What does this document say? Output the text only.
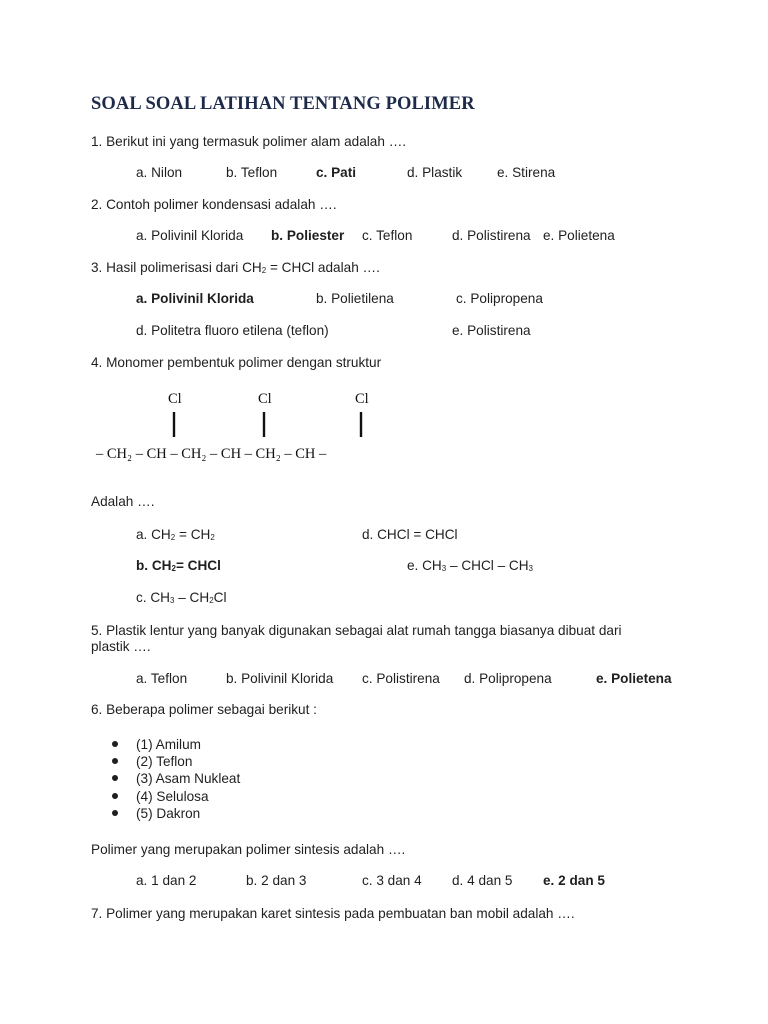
SOAL SOAL LATIHAN TENTANG POLIMER
1. Berikut ini yang termasuk polimer alam adalah ….
a. Nilon	b. Teflon	c. Pati	d. Plastik	e. Stirena
2. Contoh polimer kondensasi adalah ….
a. Polivinil Klorida b. Poliester c. Teflon	d. Polistirena e. Polietena
3. Hasil polimerisasi dari $CH_2$ = CHCl adalah ….
a. Polivinil Klorida	b. Polietilena	c. Polipropena
d. Politetra fluoro etilena (teflon)	e. Polistirena
4. Monomer pembentuk polimer dengan struktur
Cl	Cl	Cl
– CH₂ – CH – CH₂ – CH – CH₂ – CH –
Adalah ….
a. $CH_2 = CH_2$	d. CHCl = CHCl
b. $CH_2=$ CHCl	e. $CH_3$ – CHCl – $CH_3$
c. $CH_3 - CH_2Cl$
5. Plastik lentur yang banyak digunakan sebagai alat rumah tangga biasanya dibuat dari
plastik ….
a. Teflon	b. Polivinil Klorida c. Polistirena d. Polipropena	e. Polietena
6. Beberapa polimer sebagai berikut :
(1) Amilum
(2) Teflon
(3) Asam Nukleat
(4) Selulosa
(5) Dakron
Polimer yang merupakan polimer sintesis adalah ….
a. 1 dan 2	b. 2 dan 3	c. 3 dan 4 d. 4 dan 5 e. 2 dan 5
7. Polimer yang merupakan karet sintesis pada pembuatan ban mobil adalah ….
